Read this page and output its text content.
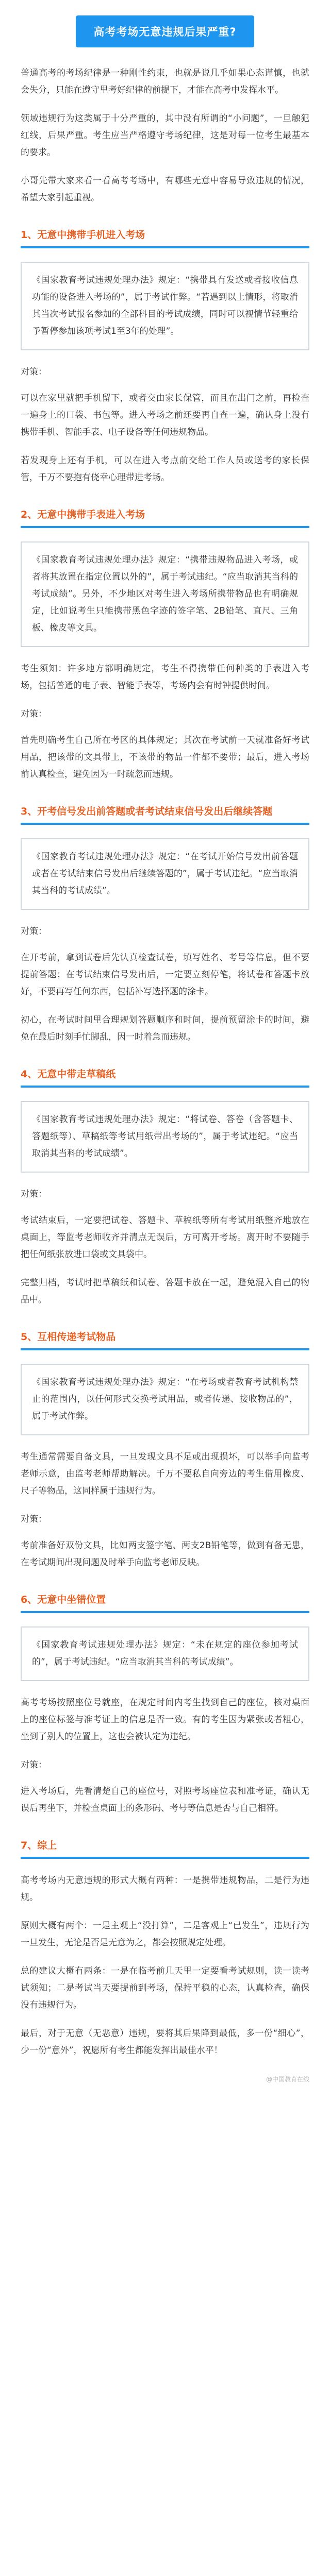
高考考场无意违规后果严重?

普通高考的考场纪律是一种刚性约束，也就是说几乎如果心态谨慎，也就会失分，只能在遵守里考好纪律的前提下，才能在高考中发挥水平。

领域违规行为这类属于十分严重的，其中没有所谓的“小问题”，一旦触犯红线，后果严重。考生应当严格遵守考场纪律，这是对每一位考生最基本的要求。

小哥先带大家来看一看高考考场中，有哪些无意中容易导致违规的情况，希望大家引起重视。

1、无意中携带手机进入考场
《国家教育考试违规处理办法》规定：“携带具有发送或者接收信息功能的设备进入考场的”，属于考试作弊。“若遇到以上情形，将取消其当次考试报名参加的全部科目的考试成绩，同时可以视情节轻重给予暂停参加该项考试1至3年的处理”。

对策：

可以在家里就把手机留下，或者交由家长保管，而且在出门之前，再检查一遍身上的口袋、书包等。进入考场之前还要再自查一遍，确认身上没有携带手机、智能手表、电子设备等任何违规物品。

若发现身上还有手机，可以在进入考点前交给工作人员或送考的家长保管，千万不要抱有侥幸心理带进考场。

2、无意中携带手表进入考场
《国家教育考试违规处理办法》规定：“携带违规物品进入考场，或者将其放置在指定位置以外的”，属于考试违纪。“应当取消其当科的考试成绩”。另外，不少地区对考生进入考场所携带物品也有明确规定，比如说考生只能携带黑色字迹的签字笔、2B铅笔、直尺、三角板、橡皮等文具。

考生须知：许多地方都明确规定，考生不得携带任何种类的手表进入考场，包括普通的电子表、智能手表等，考场内会有时钟提供时间。

对策：

首先明确考生自己所在考区的具体规定；其次在考试前一天就准备好考试用品，把该带的文具带上，不该带的物品一件都不要带；最后，进入考场前认真检查，避免因为一时疏忽而违规。

3、开考信号发出前答题或者考试结束信号发出后继续答题
《国家教育考试违规处理办法》规定：“在考试开始信号发出前答题或者在考试结束信号发出后继续答题的”，属于考试违纪。“应当取消其当科的考试成绩”。

对策：

在开考前，拿到试卷后先认真检查试卷，填写姓名、考号等信息，但不要提前答题；在考试结束信号发出后，一定要立刻停笔，将试卷和答题卡放好，不要再写任何东西，包括补写选择题的涂卡。

初心，在考试时间里合理规划答题顺序和时间，提前预留涂卡的时间，避免在最后时刻手忙脚乱，因一时着急而违规。

4、无意中带走草稿纸
《国家教育考试违规处理办法》规定：“将试卷、答卷（含答题卡、答题纸等）、草稿纸等考试用纸带出考场的”，属于考试违纪。“应当取消其当科的考试成绩”。

对策：

考试结束后，一定要把试卷、答题卡、草稿纸等所有考试用纸整齐地放在桌面上，等监考老师收齐并清点无误后，方可离开考场。离开时不要随手把任何纸张放进口袋或文具袋中。

完整归档，考试时把草稿纸和试卷、答题卡放在一起，避免混入自己的物品中。

5、互相传递考试物品
《国家教育考试违规处理办法》规定：“在考场或者教育考试机构禁止的范围内，以任何形式交换考试用品，或者传递、接收物品的”，属于考试作弊。

考生通常需要自备文具，一旦发现文具不足或出现损坏，可以举手向监考老师示意，由监考老师帮助解决。千万不要私自向旁边的考生借用橡皮、尺子等物品，这同样属于违规行为。

对策：

考前准备好双份文具，比如两支签字笔、两支2B铅笔等，做到有备无患，在考试期间出现问题及时举手向监考老师反映。

6、无意中坐错位置
《国家教育考试违规处理办法》规定：“未在规定的座位参加考试的”，属于考试违纪。“应当取消其当科的考试成绩”。

高考考场按照座位号就座，在规定时间内考生找到自己的座位，核对桌面上的座位标签与准考证上的信息是否一致。有的考生因为紧张或者粗心，坐到了别人的位置上，这也会被认定为违纪。

对策：

进入考场后，先看清楚自己的座位号，对照考场座位表和准考证，确认无误后再坐下，并检查桌面上的条形码、考号等信息是否与自己相符。

7、综上

高考考场内无意违规的形式大概有两种：一是携带违规物品，二是行为违规。

原则大概有两个：一是主观上“没打算”，二是客观上“已发生”，违规行为一旦发生，无论是否是无意为之，都会按照规定处理。

总的建议大概有两条：一是在临考前几天里一定要看考试规则，读一读考试须知；二是考试当天要提前到考场，保持平稳的心态，认真检查，确保没有违规行为。

最后，对于无意（无恶意）违规，要将其后果降到最低，多一份“细心”，少一份“意外”，祝愿所有考生都能发挥出最佳水平！

@中国教育在线
